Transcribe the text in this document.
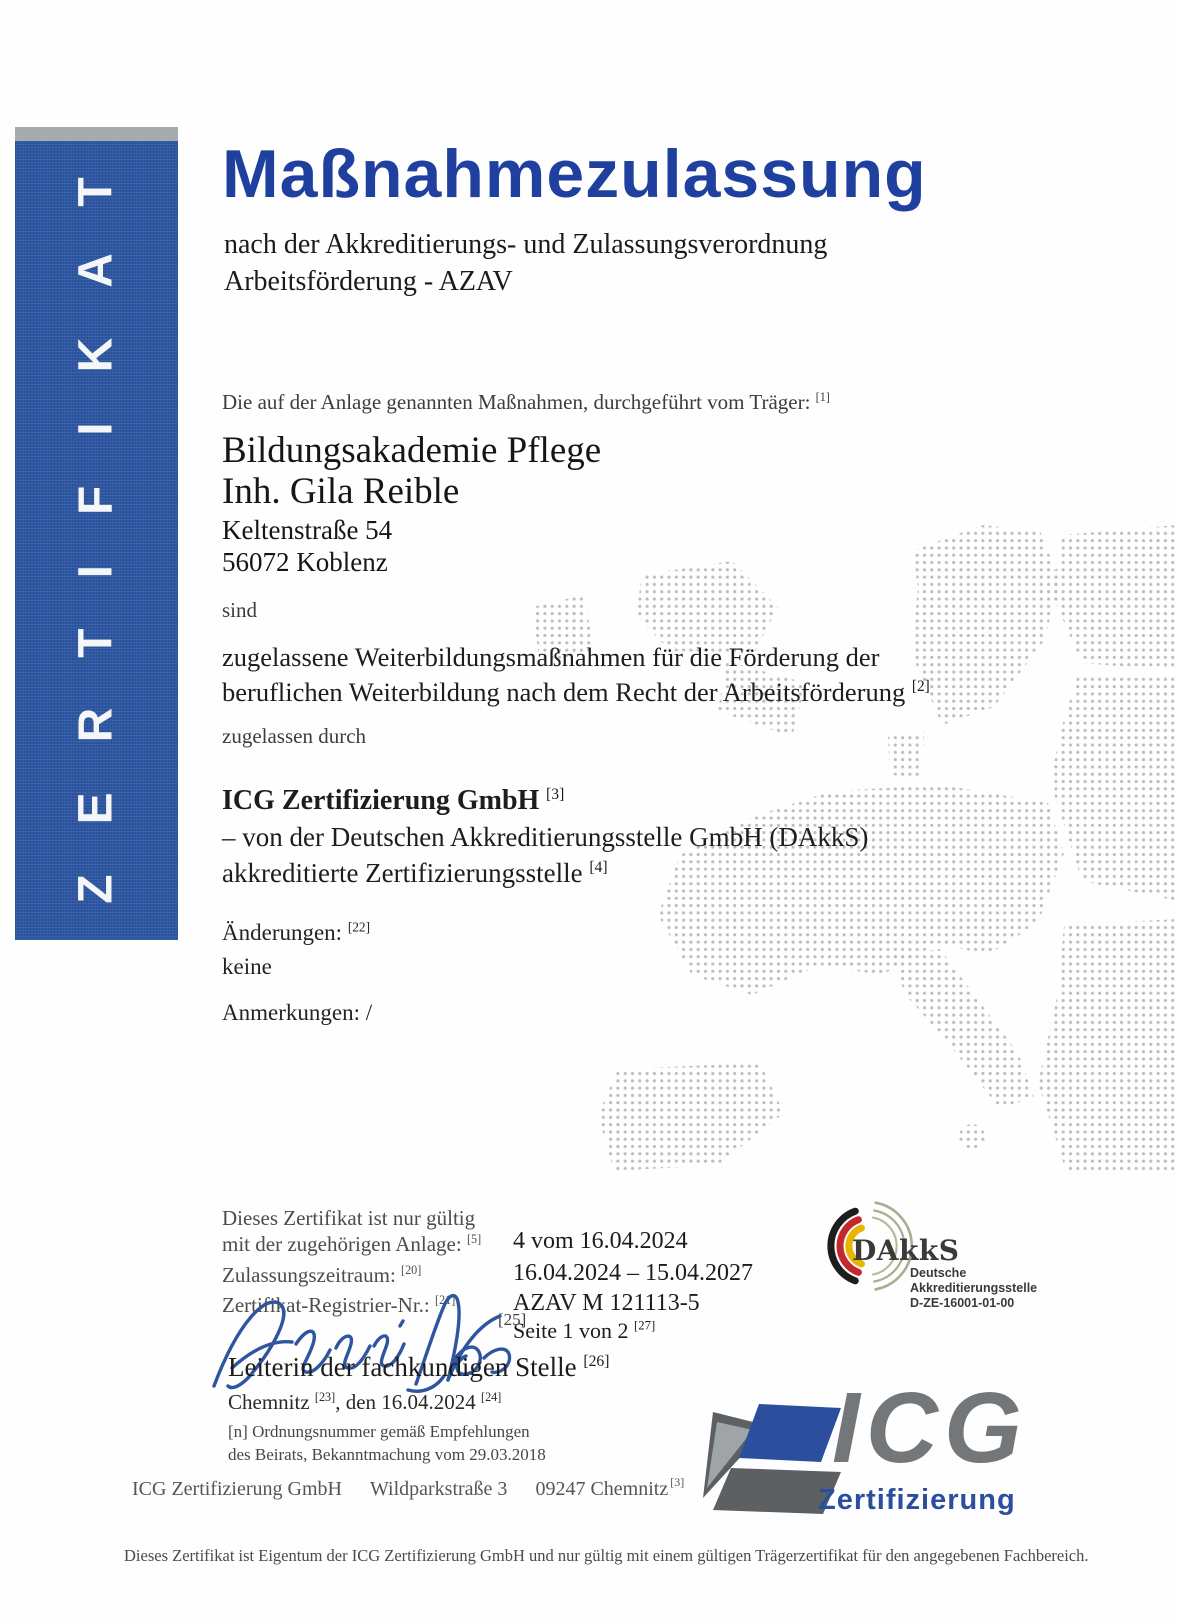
ZERTIFIKAT Maßnahmezulassung
nach der Akkreditierungs- und Zulassungsverordnung
Arbeitsförderung - AZAV
Die auf der Anlage genannten Maßnahmen, durchgeführt vom Träger: [1]
Bildungsakademie Pflege
Inh. Gila Reible
Keltenstraße 54
56072 Koblenz
sind
zugelassene Weiterbildungsmaßnahmen für die Förderung der
beruflichen Weiterbildung nach dem Recht der Arbeitsförderung [2]
zugelassen durch
ICG Zertifizierung GmbH [3]
– von der Deutschen Akkreditierungsstelle GmbH (DAkkS)
akkreditierte Zertifizierungsstelle [4]
Änderungen: [22]
keine
Anmerkungen: /
Dieses Zertifikat ist nur gültig
mit der zugehörigen Anlage: [5] 4 vom 16.04.2024
Zulassungszeitraum: [20]	16.04.2024 – 15.04.2027
Zertifikat-Registrier-Nr.: [21] AZAV M 121113-5
Seite 1 von 2 [27]
[25]
Leiterin der fachkundigen Stelle [26]
Chemnitz [23], den 16.04.2024 [24]
[n] Ordnungsnummer gemäß Empfehlungen
des Beirats, Bekanntmachung vom 29.03.2018
ICG Zertifizierung GmbH Wildparkstraße 3 09247 Chemnitz [3]
Dieses Zertifikat ist Eigentum der ICG Zertifizierung GmbH und nur gültig mit einem gültigen Trägerzertifikat für den angegebenen Fachbereich.
DAkkS
Deutsche
Akkreditierungsstelle
D-ZE-16001-01-00
ICG
Zertifizierung
